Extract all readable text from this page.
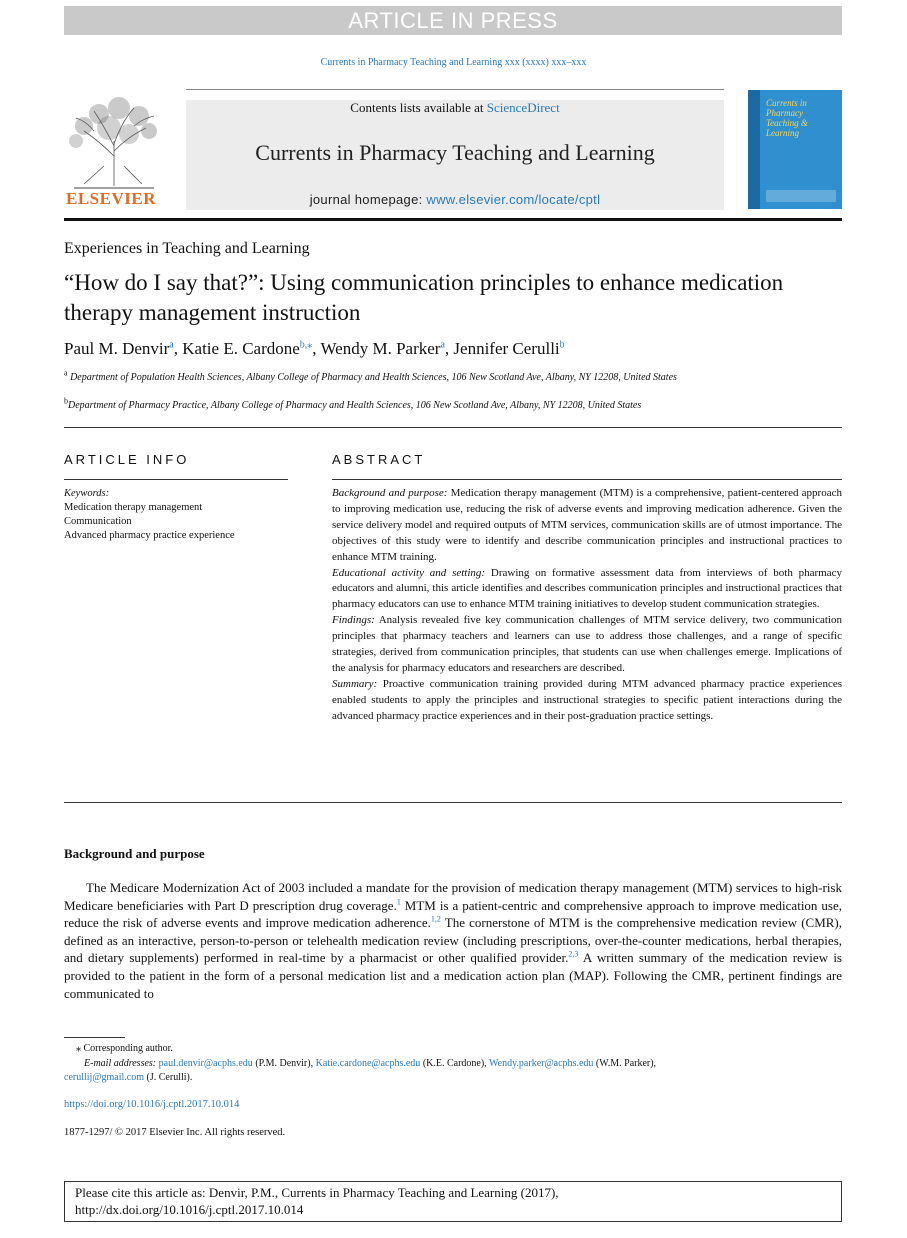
ARTICLE IN PRESS
Currents in Pharmacy Teaching and Learning xxx (xxxx) xxx–xxx
ELSEVIER
Contents lists available at ScienceDirect
Currents in Pharmacy Teaching and Learning
journal homepage: www.elsevier.com/locate/cptl
Currents in Pharmacy Teaching & Learning
Experiences in Teaching and Learning
“How do I say that?”: Using communication principles to enhance medication therapy management instruction
Paul M. Denvir$^a$, Katie E. Cardone$^{b,⁎}$, Wendy M. Parker$^a$, Jennifer Cerulli$^b$
$^a$ Department of Population Health Sciences, Albany College of Pharmacy and Health Sciences, 106 New Scotland Ave, Albany, NY 12208, United States
$^b$Department of Pharmacy Practice, Albany College of Pharmacy and Health Sciences, 106 New Scotland Ave, Albany, NY 12208, United States
ARTICLE INFO	ABSTRACT
Keywords:
Medication therapy management
Communication
Advanced pharmacy practice experience

Background and purpose: Medication therapy management (MTM) is a comprehensive, patient-centered approach to improving medication use, reducing the risk of adverse events and improving medication adherence. Given the service delivery model and required outputs of MTM services, communication skills are of utmost importance. The objectives of this study were to identify and describe communication principles and instructional practices to enhance MTM training.

Educational activity and setting: Drawing on formative assessment data from interviews of both pharmacy educators and alumni, this article identifies and describes communication principles and instructional practices that pharmacy educators can use to enhance MTM training initiatives to develop student communication strategies.

Findings: Analysis revealed five key communication challenges of MTM service delivery, two communication principles that pharmacy teachers and learners can use to address those challenges, and a range of specific strategies, derived from communication principles, that students can use when challenges emerge. Implications of the analysis for pharmacy educators and researchers are described.

Summary: Proactive communication training provided during MTM advanced pharmacy practice experiences enabled students to apply the principles and instructional strategies to specific patient interactions during the advanced pharmacy practice experiences and in their post-graduation practice settings.

Background and purpose
The Medicare Modernization Act of 2003 included a mandate for the provision of medication therapy management (MTM) services to high-risk Medicare beneficiaries with Part D prescription drug coverage.$^1$ MTM is a patient-centric and comprehensive approach to improve medication use, reduce the risk of adverse events and improve medication adherence.$^{1,2}$ The cornerstone of MTM is the comprehensive medication review (CMR), defined as an interactive, person-to-person or telehealth medication review (including prescriptions, over-the-counter medications, herbal therapies, and dietary supplements) performed in real-time by a pharmacist or other qualified provider.$^{2,3}$ A written summary of the medication review is provided to the patient in the form of a personal medication list and a medication action plan (MAP). Following the CMR, pertinent findings are communicated to
⁎ Corresponding author.
E-mail addresses: paul.denvir@acphs.edu (P.M. Denvir), Katie.cardone@acphs.edu (K.E. Cardone), Wendy.parker@acphs.edu (W.M. Parker),
cerullij@gmail.com (J. Cerulli).
https://doi.org/10.1016/j.cptl.2017.10.014
1877-1297/ © 2017 Elsevier Inc. All rights reserved.
Please cite this article as: Denvir, P.M., Currents in Pharmacy Teaching and Learning (2017),
http://dx.doi.org/10.1016/j.cptl.2017.10.014
